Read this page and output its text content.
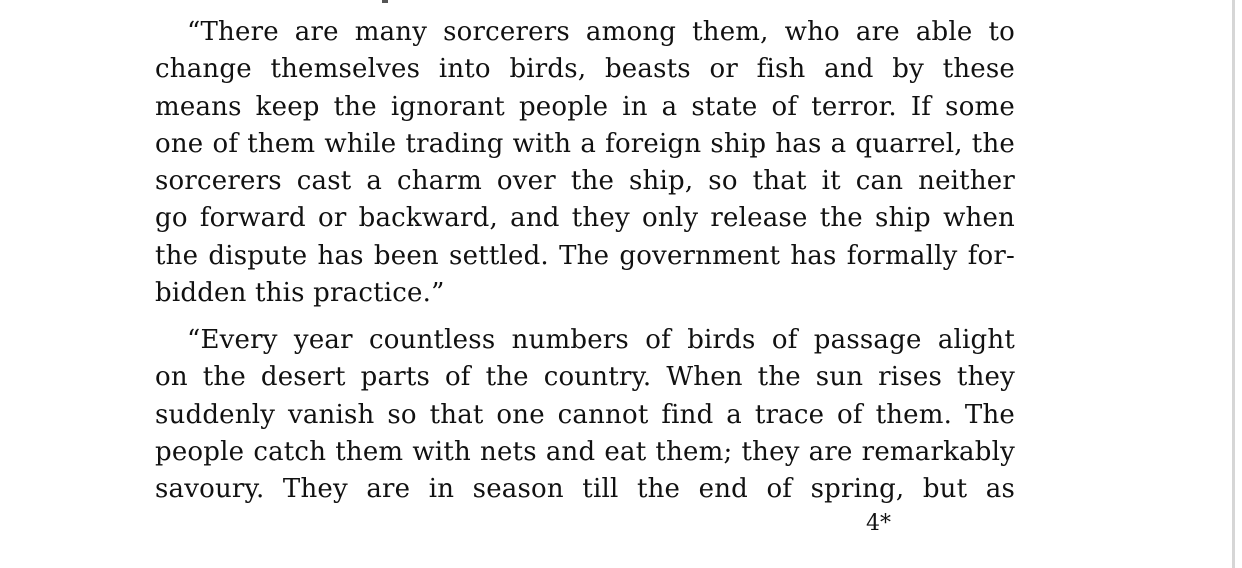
“There are many sorcerers among them, who are able to
change themselves into birds, beasts or fish and by these
means keep the ignorant people in a state of terror. If some
one of them while trading with a foreign ship has a quarrel, the
sorcerers cast a charm over the ship, so that it can neither
go forward or backward, and they only release the ship when
the dispute has been settled. The government has formally for-
bidden this practice.”
“Every year countless numbers of birds of passage alight
on the desert parts of the country. When the sun rises they
suddenly vanish so that one cannot find a trace of them. The
people catch them with nets and eat them; they are remarkably
savoury. They are in season till the end of spring, but as
4*
